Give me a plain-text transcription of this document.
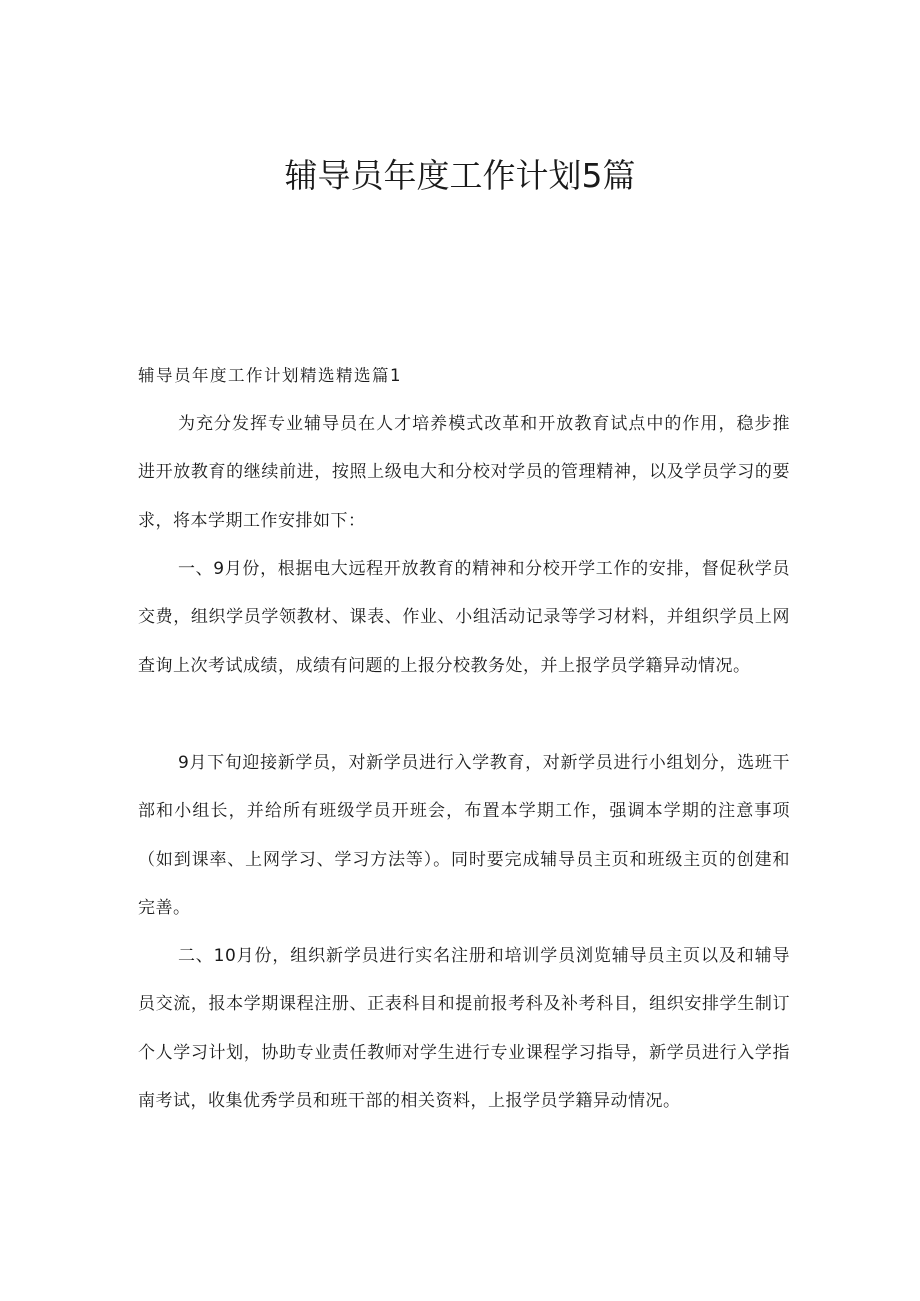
辅导员年度工作计划5篇
辅导员年度工作计划精选精选篇1

为充分发挥专业辅导员在人才培养模式改革和开放教育试点中的作用，稳步推进开放教育的继续前进，按照上级电大和分校对学员的管理精神，以及学员学习的要求，将本学期工作安排如下：

一、9月份，根据电大远程开放教育的精神和分校开学工作的安排，督促秋学员交费，组织学员学领教材、课表、作业、小组活动记录等学习材料，并组织学员上网查询上次考试成绩，成绩有问题的上报分校教务处，并上报学员学籍异动情况。

9月下旬迎接新学员，对新学员进行入学教育，对新学员进行小组划分，选班干部和小组长，并给所有班级学员开班会，布置本学期工作，强调本学期的注意事项（如到课率、上网学习、学习方法等）。同时要完成辅导员主页和班级主页的创建和完善。

二、10月份，组织新学员进行实名注册和培训学员浏览辅导员主页以及和辅导员交流，报本学期课程注册、正表科目和提前报考科及补考科目，组织安排学生制订个人学习计划，协助专业责任教师对学生进行专业课程学习指导，新学员进行入学指南考试，收集优秀学员和班干部的相关资料，上报学员学籍异动情况。
